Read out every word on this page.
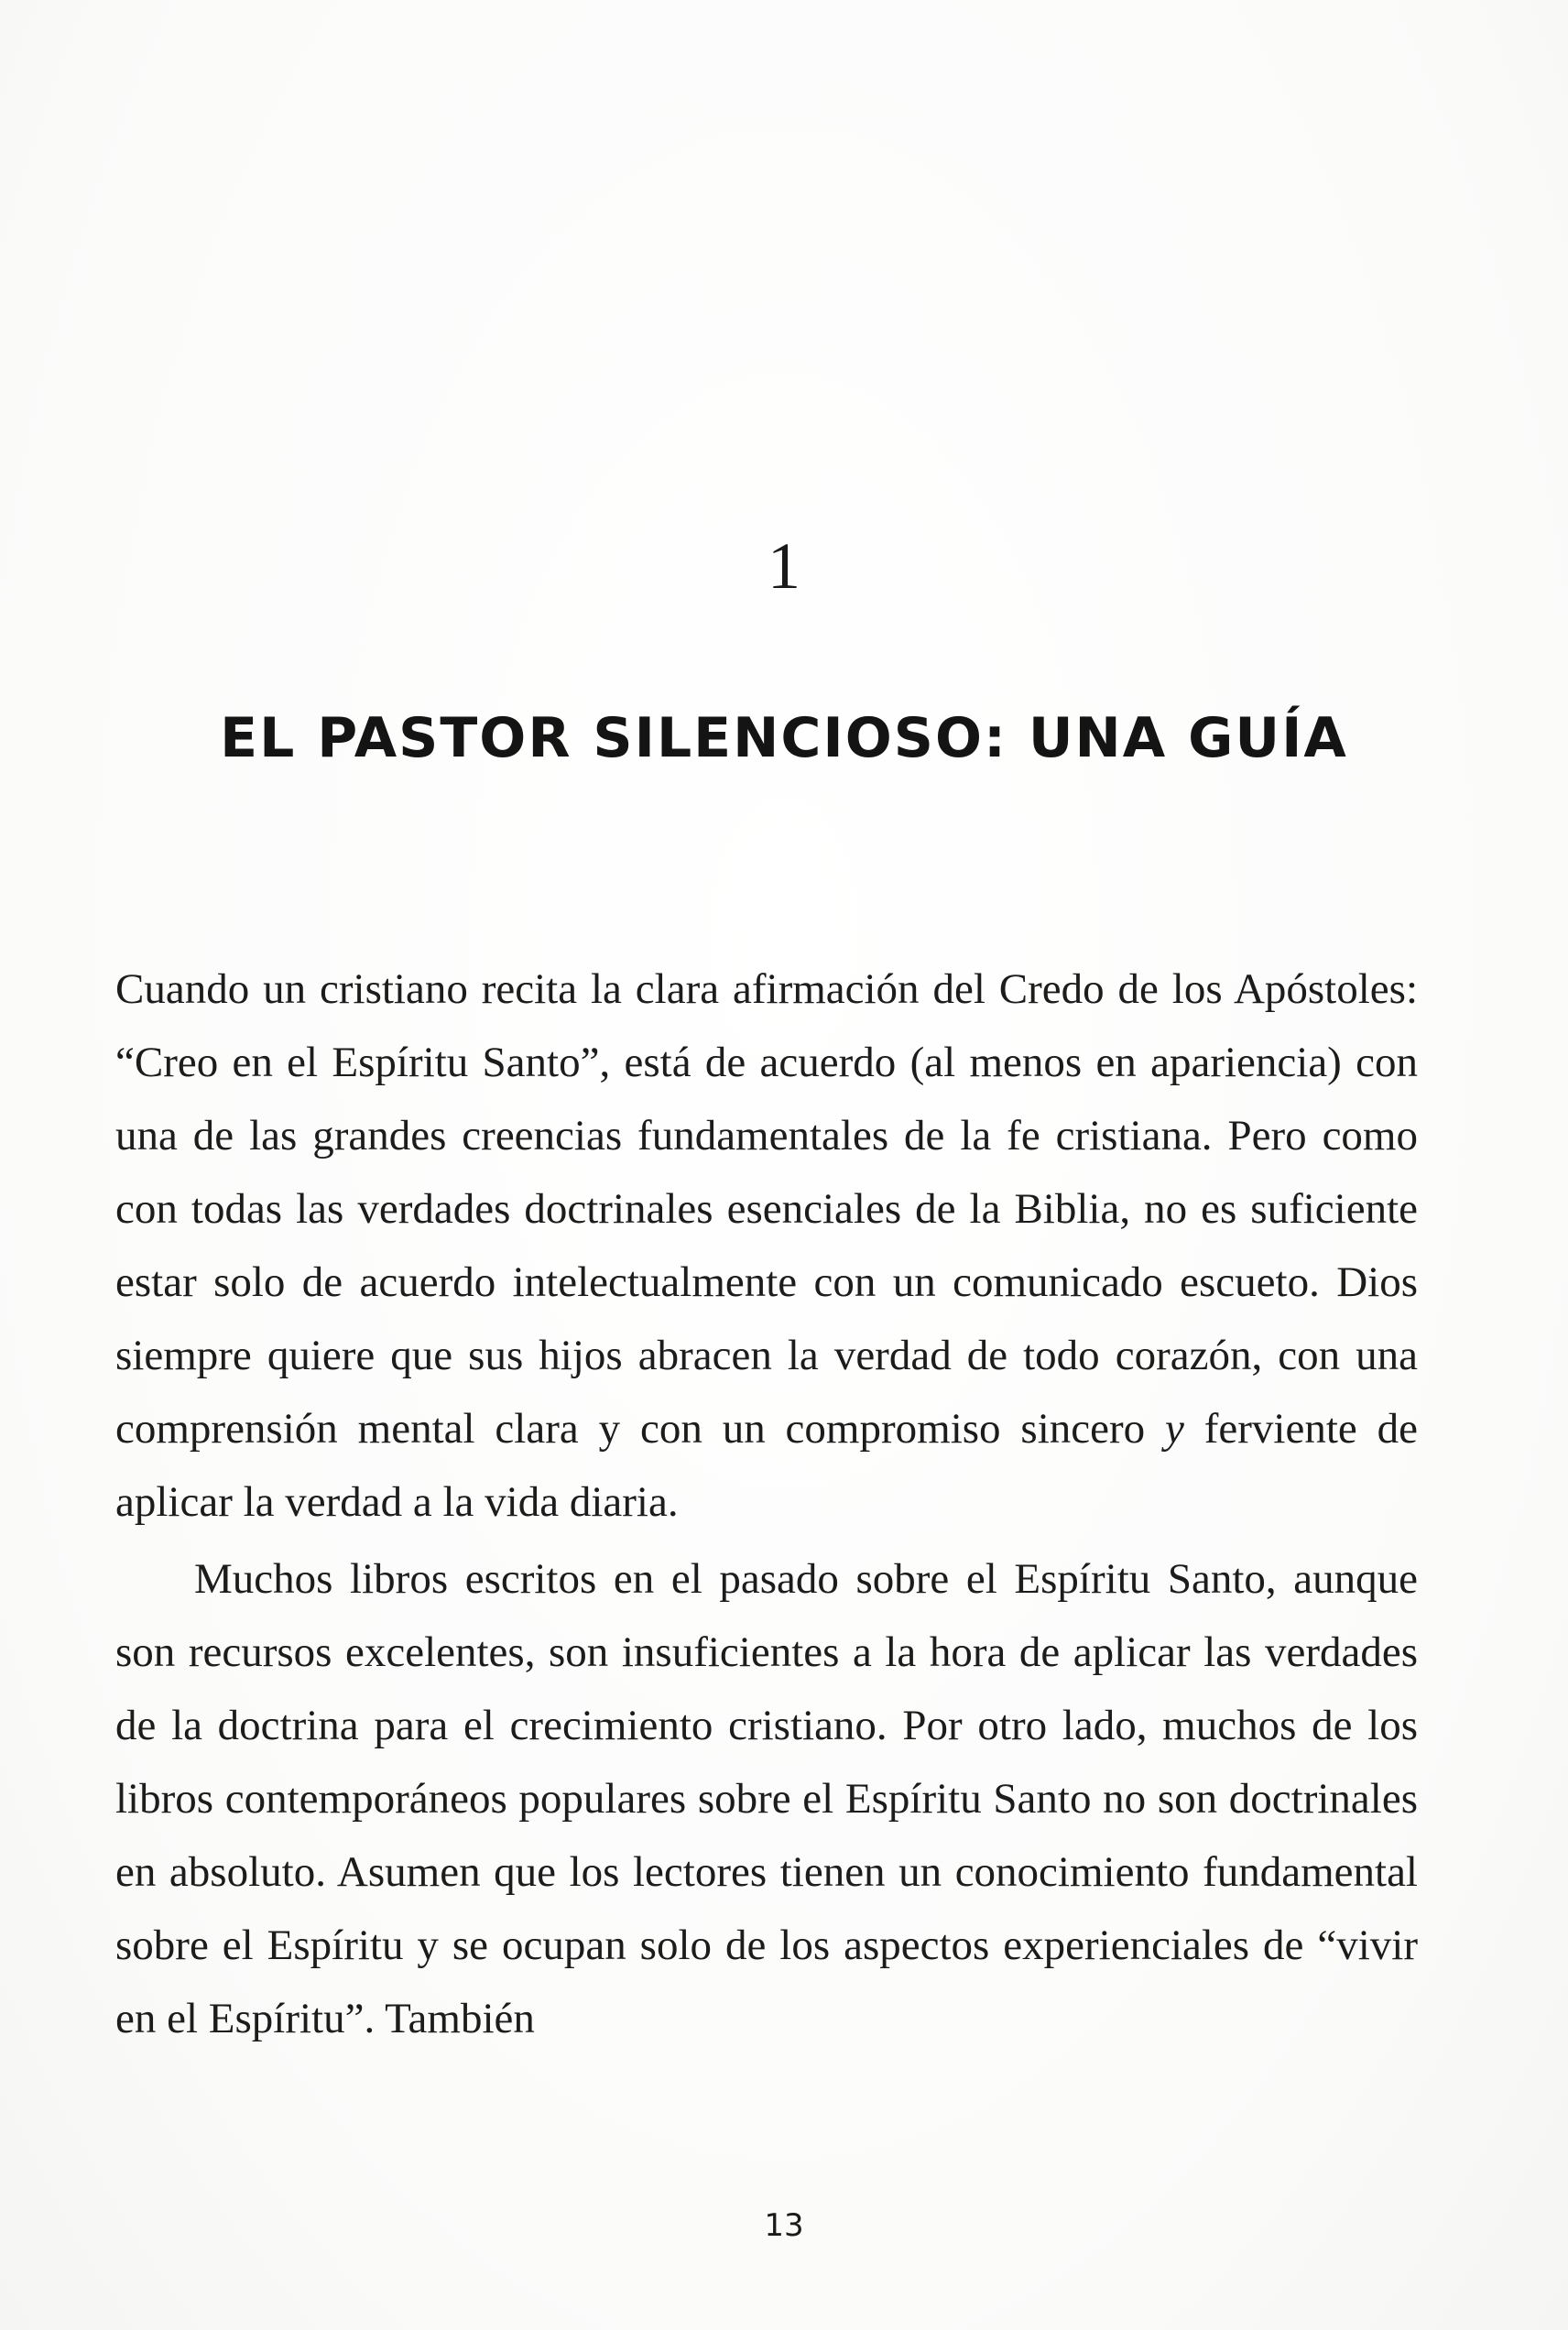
1
EL PASTOR SILENCIOSO: UNA GUÍA

Cuando un cristiano recita la clara afirmación del Credo de los Apóstoles: “Creo en el Espíritu Santo”, está de acuerdo (al menos en apariencia) con una de las grandes creencias fundamentales de la fe cristiana. Pero como con todas las verdades doctrinales esenciales de la Biblia, no es suficiente estar solo de acuerdo intelectualmente con un comunicado escueto. Dios siempre quiere que sus hijos abracen la verdad de todo corazón, con una comprensión mental clara y con un compromiso sincero y ferviente de aplicar la verdad a la vida diaria.

Muchos libros escritos en el pasado sobre el Espíritu Santo, aunque son recursos excelentes, son insuficientes a la hora de aplicar las verdades de la doctrina para el crecimiento cristiano. Por otro lado, muchos de los libros contemporáneos populares sobre el Espíritu Santo no son doctrinales en absoluto. Asumen que los lectores tienen un conocimiento fundamental sobre el Espíritu y se ocupan solo de los aspectos experienciales de “vivir en el Espíritu”. También

13
